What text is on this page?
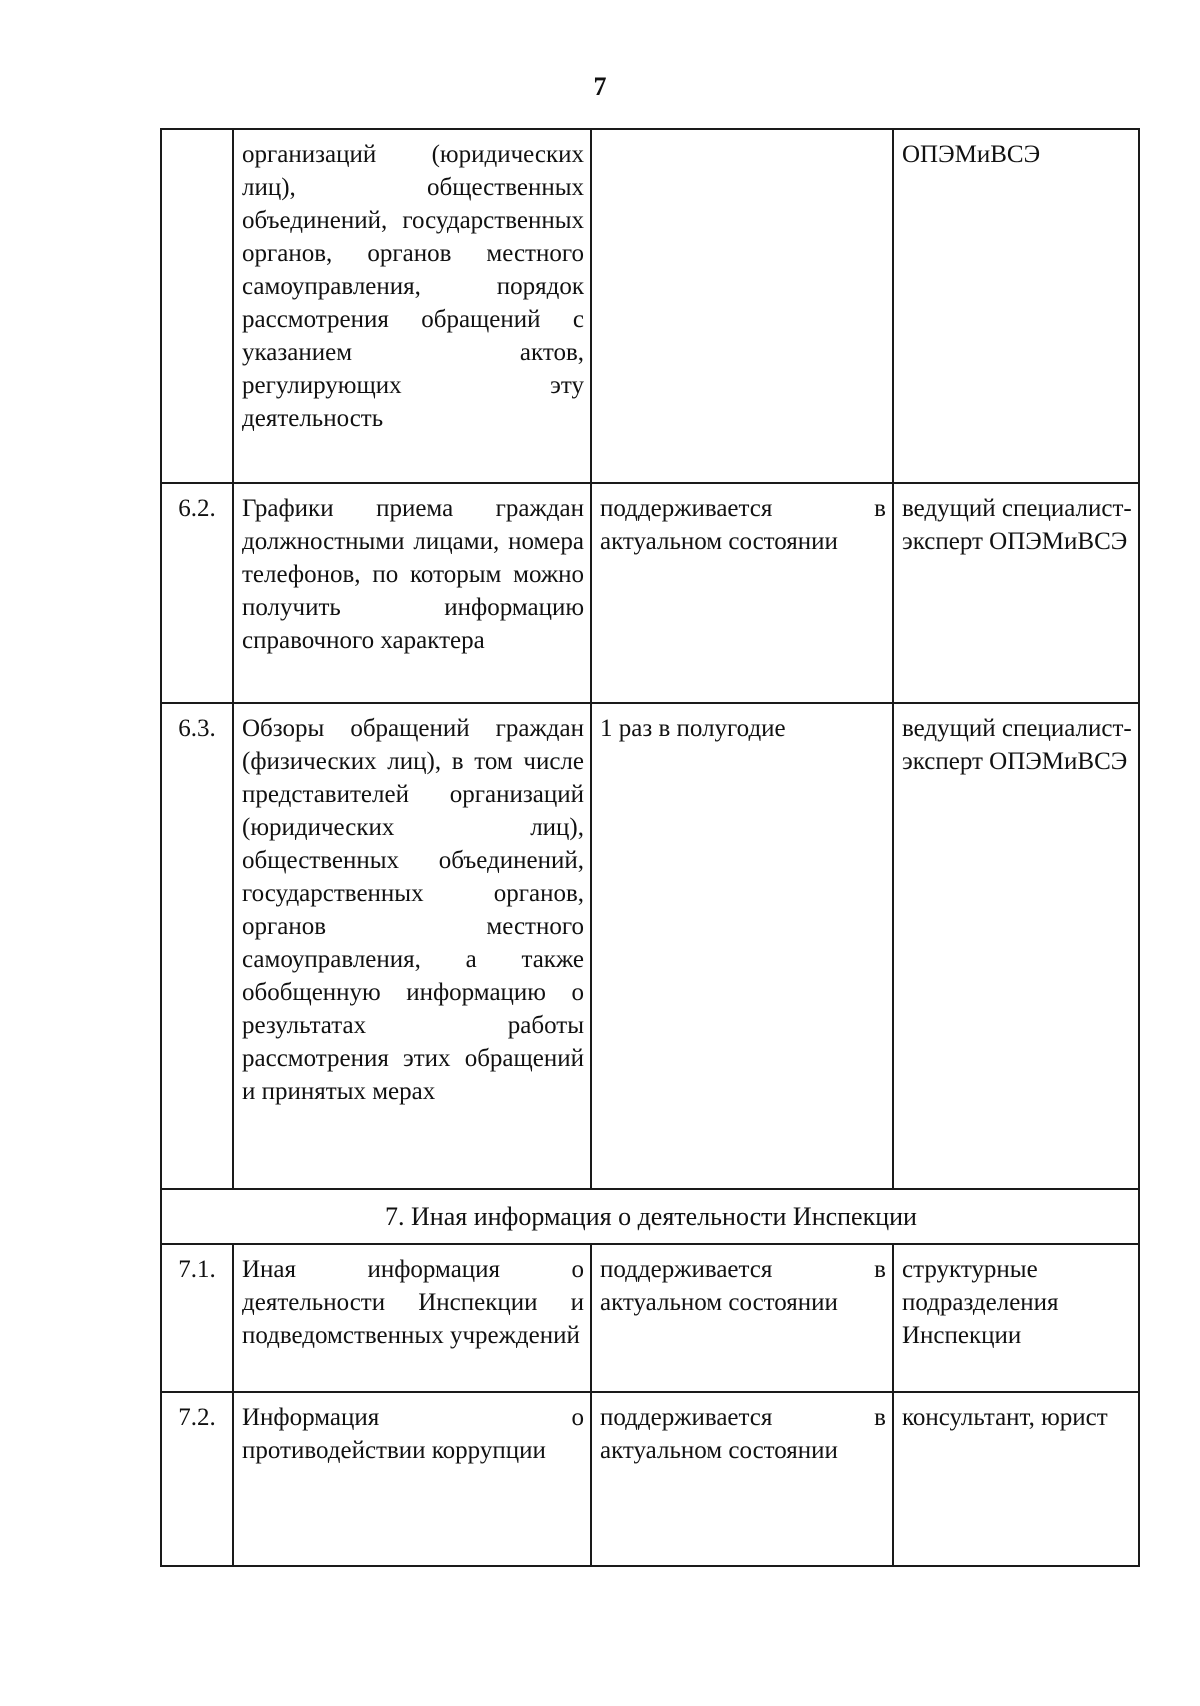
7
	организаций (юридических лиц), общественных объединений, государственных органов, органов местного самоуправления, порядок рассмотрения обращений с указанием актов, регулирующих эту деятельность		ОПЭМиВСЭ
6.2.	Графики приема граждан должностными лицами, номера телефонов, по которым можно получить информацию справочного характера	поддерживается в актуальном состоянии	ведущий специалист-эксперт ОПЭМиВСЭ
6.3.	Обзоры обращений граждан (физических лиц), в том числе представителей организаций (юридических лиц), общественных объединений, государственных органов, органов местного самоуправления, а также обобщенную информацию о результатах работы рассмотрения этих обращений и принятых мерах	1 раз в полугодие	ведущий специалист-эксперт ОПЭМиВСЭ
7. Иная информация о деятельности Инспекции			
7.1.	Иная информация о деятельности Инспекции и подведомственных учреждений	поддерживается в актуальном состоянии	структурные подразделения Инспекции
7.2.	Информация о противодействии коррупции	поддерживается в актуальном состоянии	консультант, юрист
